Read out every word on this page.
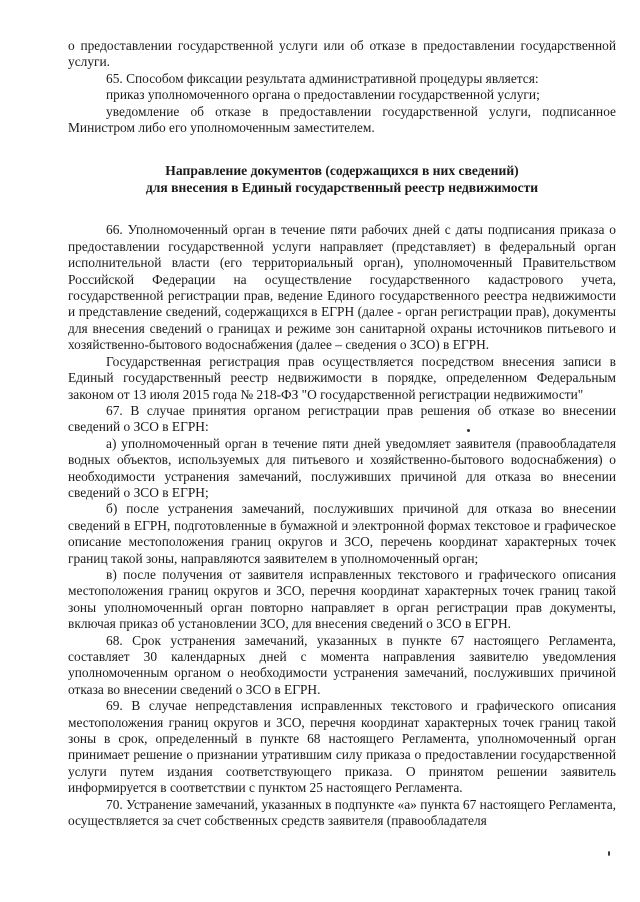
о предоставлении государственной услуги или об отказе в предоставлении государственной услуги.

65. Способом фиксации результата административной процедуры является:

приказ уполномоченного органа о предоставлении государственной услуги;

уведомление об отказе в предоставлении государственной услуги, подписанное Министром либо его уполномоченным заместителем.

Направление документов (содержащихся в них сведений)

для внесения в Единый государственный реестр недвижимости

66. Уполномоченный орган в течение пяти рабочих дней с даты подписания приказа о предоставлении государственной услуги направляет (представляет) в федеральный орган исполнительной власти (его территориальный орган), уполномоченный Правительством Российской Федерации на осуществление государственного кадастрового учета, государственной регистрации прав, ведение Единого государственного реестра недвижимости и представление сведений, содержащихся в ЕГРН (далее - орган регистрации прав), документы для внесения сведений о границах и режиме зон санитарной охраны источников питьевого и хозяйственно-бытового водоснабжения (далее – сведения о ЗСО) в ЕГРН.

Государственная регистрация прав осуществляется посредством внесения записи в Единый государственный реестр недвижимости в порядке, определенном Федеральным законом от 13 июля 2015 года № 218-ФЗ "О государственной регистрации недвижимости"

67. В случае принятия органом регистрации прав решения об отказе во внесении сведений о ЗСО в ЕГРН:

а) уполномоченный орган в течение пяти дней уведомляет заявителя (правообладателя водных объектов, используемых для питьевого и хозяйственно-бытового водоснабжения) о необходимости устранения замечаний, послуживших причиной для отказа во внесении сведений о ЗСО в ЕГРН;

б) после устранения замечаний, послуживших причиной для отказа во внесении сведений в ЕГРН, подготовленные в бумажной и электронной формах текстовое и графическое описание местоположения границ округов и ЗСО, перечень координат характерных точек границ такой зоны, направляются заявителем в уполномоченный орган;

в) после получения от заявителя исправленных текстового и графического описания местоположения границ округов и ЗСО, перечня координат характерных точек границ такой зоны уполномоченный орган повторно направляет в орган регистрации прав документы, включая приказ об установлении ЗСО, для внесения сведений о ЗСО в ЕГРН.

68. Срок устранения замечаний, указанных в пункте 67 настоящего Регламента, составляет 30 календарных дней с момента направления заявителю уведомления уполномоченным органом о необходимости устранения замечаний, послуживших причиной отказа во внесении сведений о ЗСО в ЕГРН.

69. В случае непредставления исправленных текстового и графического описания местоположения границ округов и ЗСО, перечня координат характерных точек границ такой зоны в срок, определенный в пункте 68 настоящего Регламента, уполномоченный орган принимает решение о признании утратившим силу приказа о предоставлении государственной услуги путем издания соответствующего приказа. О принятом решении заявитель информируется в соответствии с пунктом 25 настоящего Регламента.

70. Устранение замечаний, указанных в подпункте «а» пункта 67 настоящего Регламента, осуществляется за счет собственных средств заявителя (правообладателя
